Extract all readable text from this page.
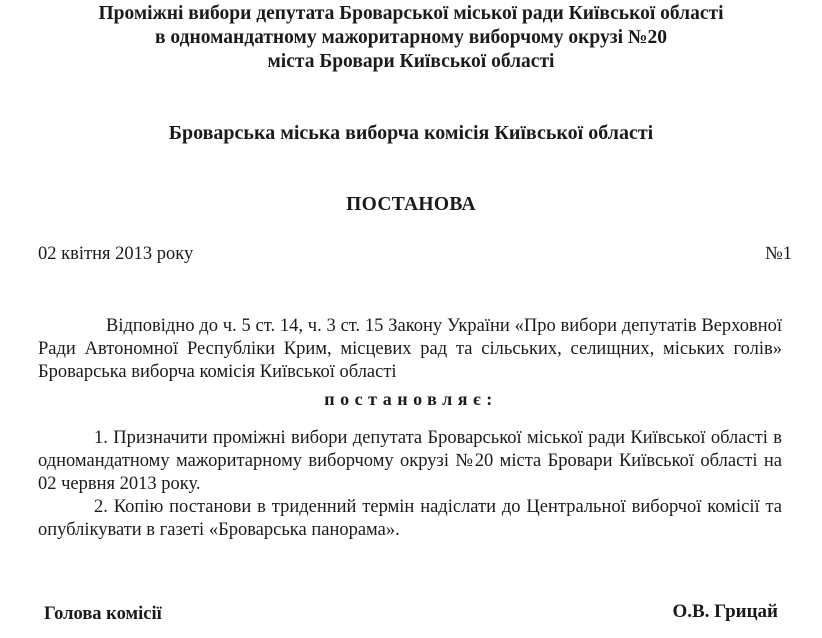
Проміжні вибори депутата Броварської міської ради Київської області
в одномандатному мажоритарному виборчому окрузі №20
міста Бровари Київської області
Броварська міська виборча комісія Київської області
ПОСТАНОВА
02 квітня 2013 року	№1
Відповідно до ч. 5 ст. 14, ч. 3 ст. 15 Закону України «Про вибори депутатів Верховної Ради Автономної Республіки Крим, місцевих рад та сільських, селищних, міських голів» Броварська виборча комісія Київської області
постановляє:
1. Призначити проміжні вибори депутата Броварської міської ради Київської області в одномандатному мажоритарному виборчому окрузі №20 міста Бровари Київської області на 02 червня 2013 року.
2. Копію постанови в триденний термін надіслати до Центральної виборчої комісії та опублікувати в газеті «Броварська панорама».
Голова комісії	О.В. Грицай
